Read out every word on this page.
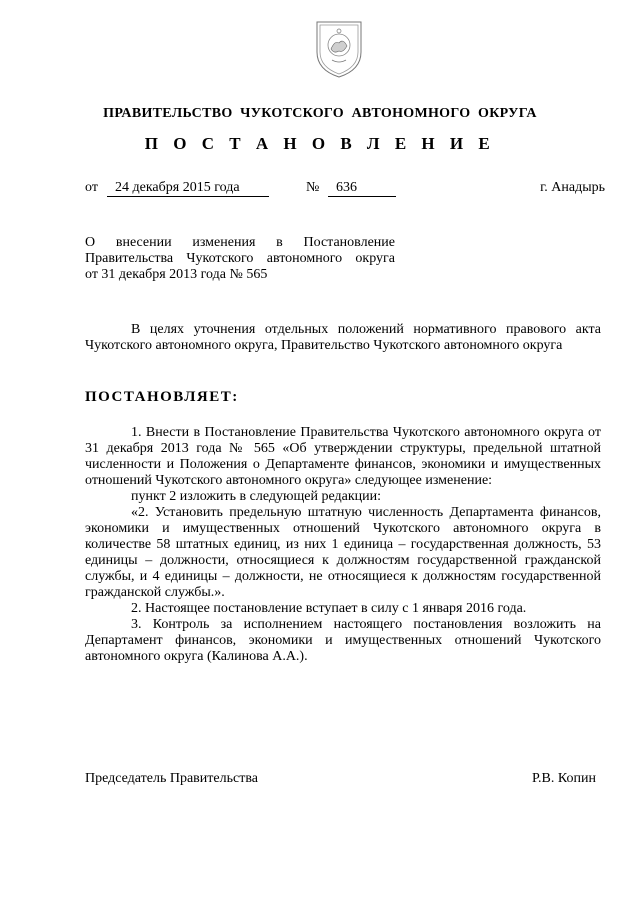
ПРАВИТЕЛЬСТВО  ЧУКОТСКОГО  АВТОНОМНОГО  ОКРУГА
П О С Т А Н О В Л Е Н И Е
от	24 декабря 2015 года	№	636	г. Анадырь
О внесении изменения в Постановление
Правительства Чукотского автономного округа
от 31 декабря 2013 года № 565

В целях уточнения отдельных положений нормативного правового акта Чукотского автономного округа, Правительство Чукотского автономного округа

ПОСТАНОВЛЯЕТ:

1. Внести в Постановление Правительства Чукотского автономного округа от 31 декабря 2013 года № 565 «Об утверждении структуры, предельной штатной численности и Положения о Департаменте финансов, экономики и имущественных отношений Чукотского автономного округа» следующее изменение:

пункт 2 изложить в следующей редакции:

«2. Установить предельную штатную численность Департамента финансов, экономики и имущественных отношений Чукотского автономного округа в количестве 58 штатных единиц, из них 1 единица – государственная должность, 53 единицы – должности, относящиеся к должностям государственной гражданской службы, и 4 единицы – должности, не относящиеся к должностям государственной гражданской службы.».

2. Настоящее постановление вступает в силу с 1 января 2016 года.

3. Контроль за исполнением настоящего постановления возложить на Департамент финансов, экономики и имущественных отношений Чукотского автономного округа (Калинова А.А.).

Председатель Правительства	Р.В. Копин
